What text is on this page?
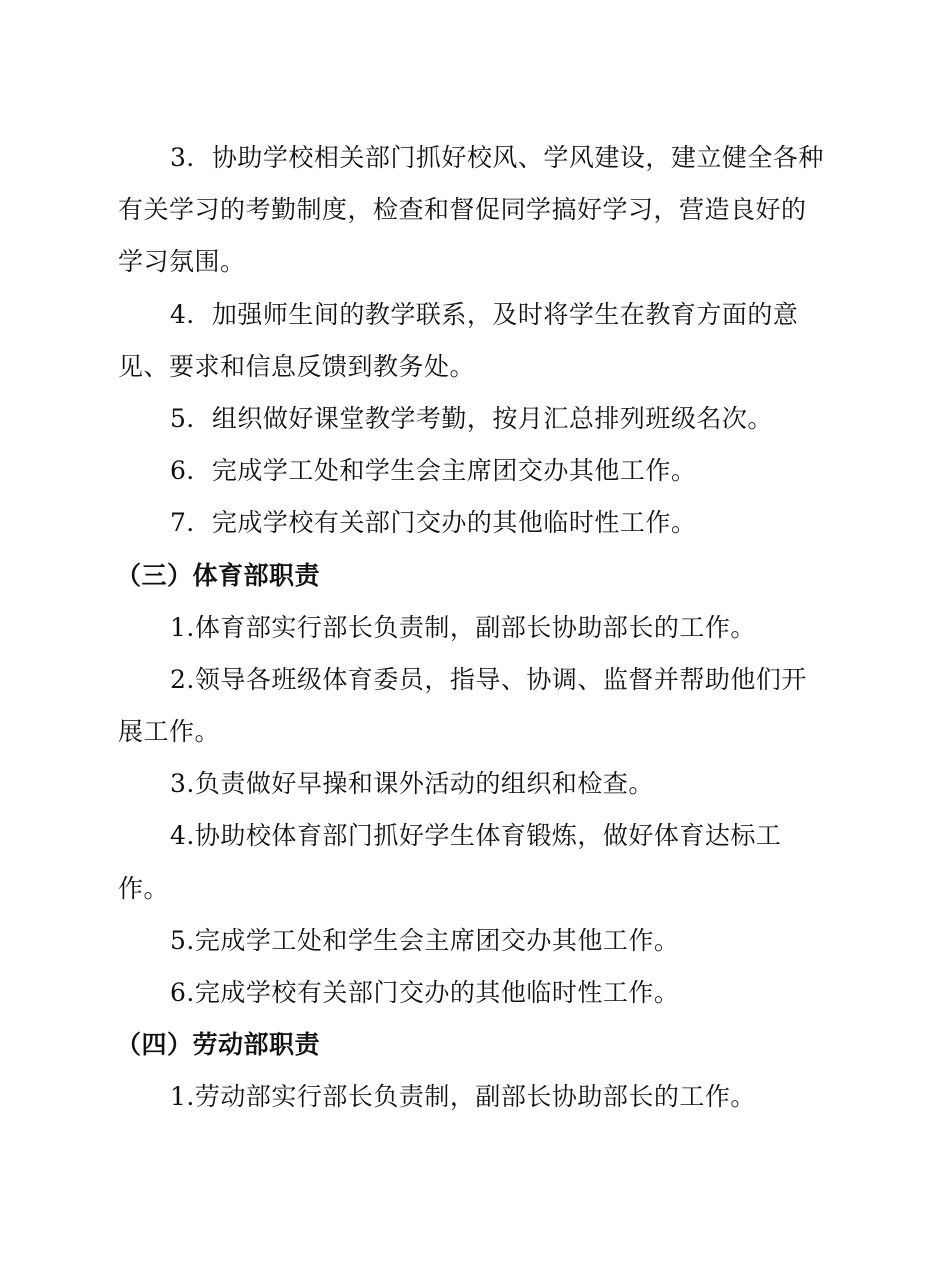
3．协助学校相关部门抓好校风、学风建设，建立健全各种
有关学习的考勤制度，检查和督促同学搞好学习，营造良好的
学习氛围。
4．加强师生间的教学联系，及时将学生在教育方面的意
见、要求和信息反馈到教务处。
5．组织做好课堂教学考勤，按月汇总排列班级名次。
6．完成学工处和学生会主席团交办其他工作。
7．完成学校有关部门交办的其他临时性工作。
（三）体育部职责
1.体育部实行部长负责制，副部长协助部长的工作。
2.领导各班级体育委员，指导、协调、监督并帮助他们开
展工作。
3.负责做好早操和课外活动的组织和检查。
4.协助校体育部门抓好学生体育锻炼，做好体育达标工
作。
5.完成学工处和学生会主席团交办其他工作。
6.完成学校有关部门交办的其他临时性工作。
（四）劳动部职责
1.劳动部实行部长负责制，副部长协助部长的工作。
